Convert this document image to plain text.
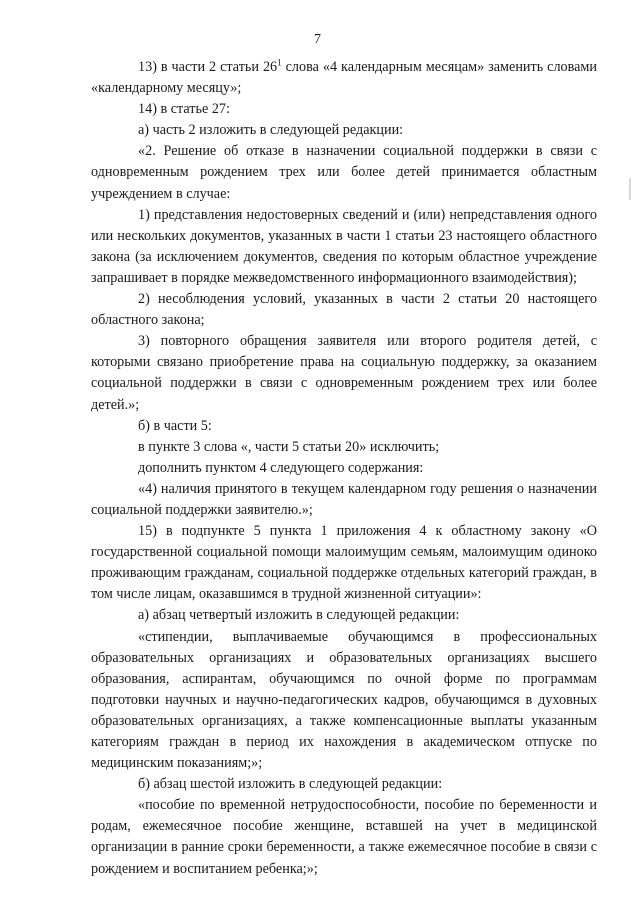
7

13) в части 2 статьи $26^1$ слова «4 календарным месяцам» заменить словами «календарному месяцу»;

14) в статье 27:

а) часть 2 изложить в следующей редакции:

«2. Решение об отказе в назначении социальной поддержки в связи с одновременным рождением трех или более детей принимается областным учреждением в случае:

1) представления недостоверных сведений и (или) непредставления одного или нескольких документов, указанных в части 1 статьи 23 настоящего областного закона (за исключением документов, сведения по которым областное учреждение запрашивает в порядке межведомственного информационного взаимодействия);

2) несоблюдения условий, указанных в части 2 статьи 20 настоящего областного закона;

3) повторного обращения заявителя или второго родителя детей, с которыми связано приобретение права на социальную поддержку, за оказанием социальной поддержки в связи с одновременным рождением трех или более детей.»;

б) в части 5:

в пункте 3 слова «, части 5 статьи 20» исключить;

дополнить пунктом 4 следующего содержания:

«4) наличия принятого в текущем календарном году решения о назначении социальной поддержки заявителю.»;

15) в подпункте 5 пункта 1 приложения 4 к областному закону «О государственной социальной помощи малоимущим семьям, малоимущим одиноко проживающим гражданам, социальной поддержке отдельных категорий граждан, в том числе лицам, оказавшимся в трудной жизненной ситуации»:

а) абзац четвертый изложить в следующей редакции:

«стипендии, выплачиваемые обучающимся в профессиональных образовательных организациях и образовательных организациях высшего образования, аспирантам, обучающимся по очной форме по программам подготовки научных и научно-педагогических кадров, обучающимся в духовных образовательных организациях, а также компенсационные выплаты указанным категориям граждан в период их нахождения в академическом отпуске по медицинским показаниям;»;

б) абзац шестой изложить в следующей редакции:

«пособие по временной нетрудоспособности, пособие по беременности и родам, ежемесячное пособие женщине, вставшей на учет в медицинской организации в ранние сроки беременности, а также ежемесячное пособие в связи с рождением и воспитанием ребенка;»;
